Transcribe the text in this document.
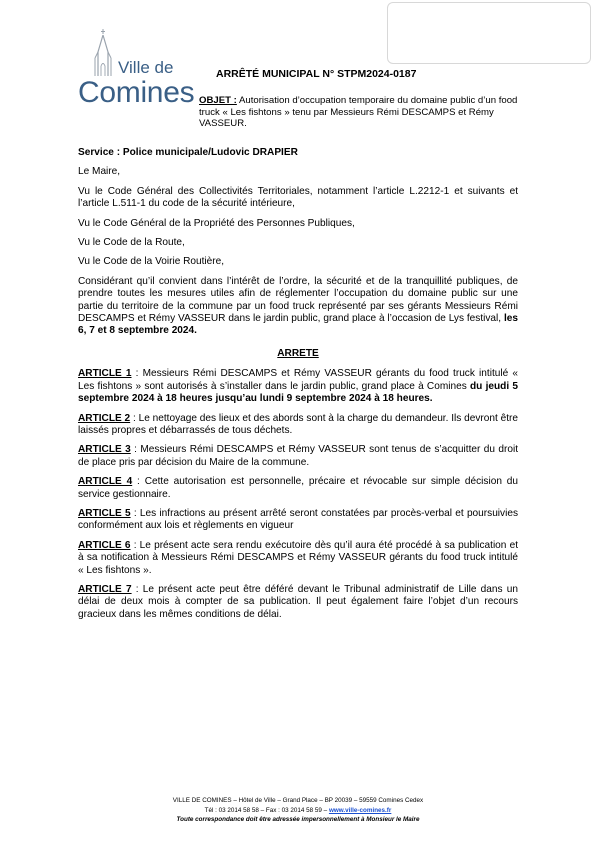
Ville de
Comines
ARRÊTÉ MUNICIPAL N° STPM2024-0187
OBJET : Autorisation d’occupation temporaire du domaine public d’un food truck « Les fishtons » tenu par Messieurs Rémi DESCAMPS et Rémy VASSEUR.

Service : Police municipale/Ludovic DRAPIER

Le Maire,

Vu le Code Général des Collectivités Territoriales, notamment l’article L.2212-1 et suivants et l’article L.511-1 du code de la sécurité intérieure,

Vu le Code Général de la Propriété des Personnes Publiques,

Vu le Code de la Route,

Vu le Code de la Voirie Routière,

Considérant qu’il convient dans l’intérêt de l’ordre, la sécurité et de la tranquillité publiques, de prendre toutes les mesures utiles afin de réglementer l’occupation du domaine public sur une partie du territoire de la commune par un food truck représenté par ses gérants Messieurs Rémi DESCAMPS et Rémy VASSEUR dans le jardin public, grand place à l’occasion de Lys festival, les 6, 7 et 8 septembre 2024.

ARRETE

ARTICLE 1 : Messieurs Rémi DESCAMPS et Rémy VASSEUR gérants du food truck intitulé « Les fishtons » sont autorisés à s’installer dans le jardin public, grand place à Comines du jeudi 5 septembre 2024 à 18 heures jusqu’au lundi 9 septembre 2024 à 18 heures.

ARTICLE 2 : Le nettoyage des lieux et des abords sont à la charge du demandeur. Ils devront être laissés propres et débarrassés de tous déchets.

ARTICLE 3 : Messieurs Rémi DESCAMPS et Rémy VASSEUR sont tenus de s’acquitter du droit de place pris par décision du Maire de la commune.

ARTICLE 4 : Cette autorisation est personnelle, précaire et révocable sur simple décision du service gestionnaire.

ARTICLE 5 : Les infractions au présent arrêté seront constatées par procès-verbal et poursuivies conformément aux lois et règlements en vigueur

ARTICLE 6 : Le présent acte sera rendu exécutoire dès qu’il aura été procédé à sa publication et à sa notification à Messieurs Rémi DESCAMPS et Rémy VASSEUR gérants du food truck intitulé « Les fishtons ».

ARTICLE 7 : Le présent acte peut être déféré devant le Tribunal administratif de Lille dans un délai de deux mois à compter de sa publication. Il peut également faire l’objet d’un recours gracieux dans les mêmes conditions de délai.

VILLE DE COMINES – Hôtel de Ville – Grand Place – BP 20039 – 59559 Comines Cedex
Tél : 03 2014 58 58 – Fax : 03 2014 58 59 – www.ville-comines.fr
Toute correspondance doit être adressée impersonnellement à Monsieur le Maire
